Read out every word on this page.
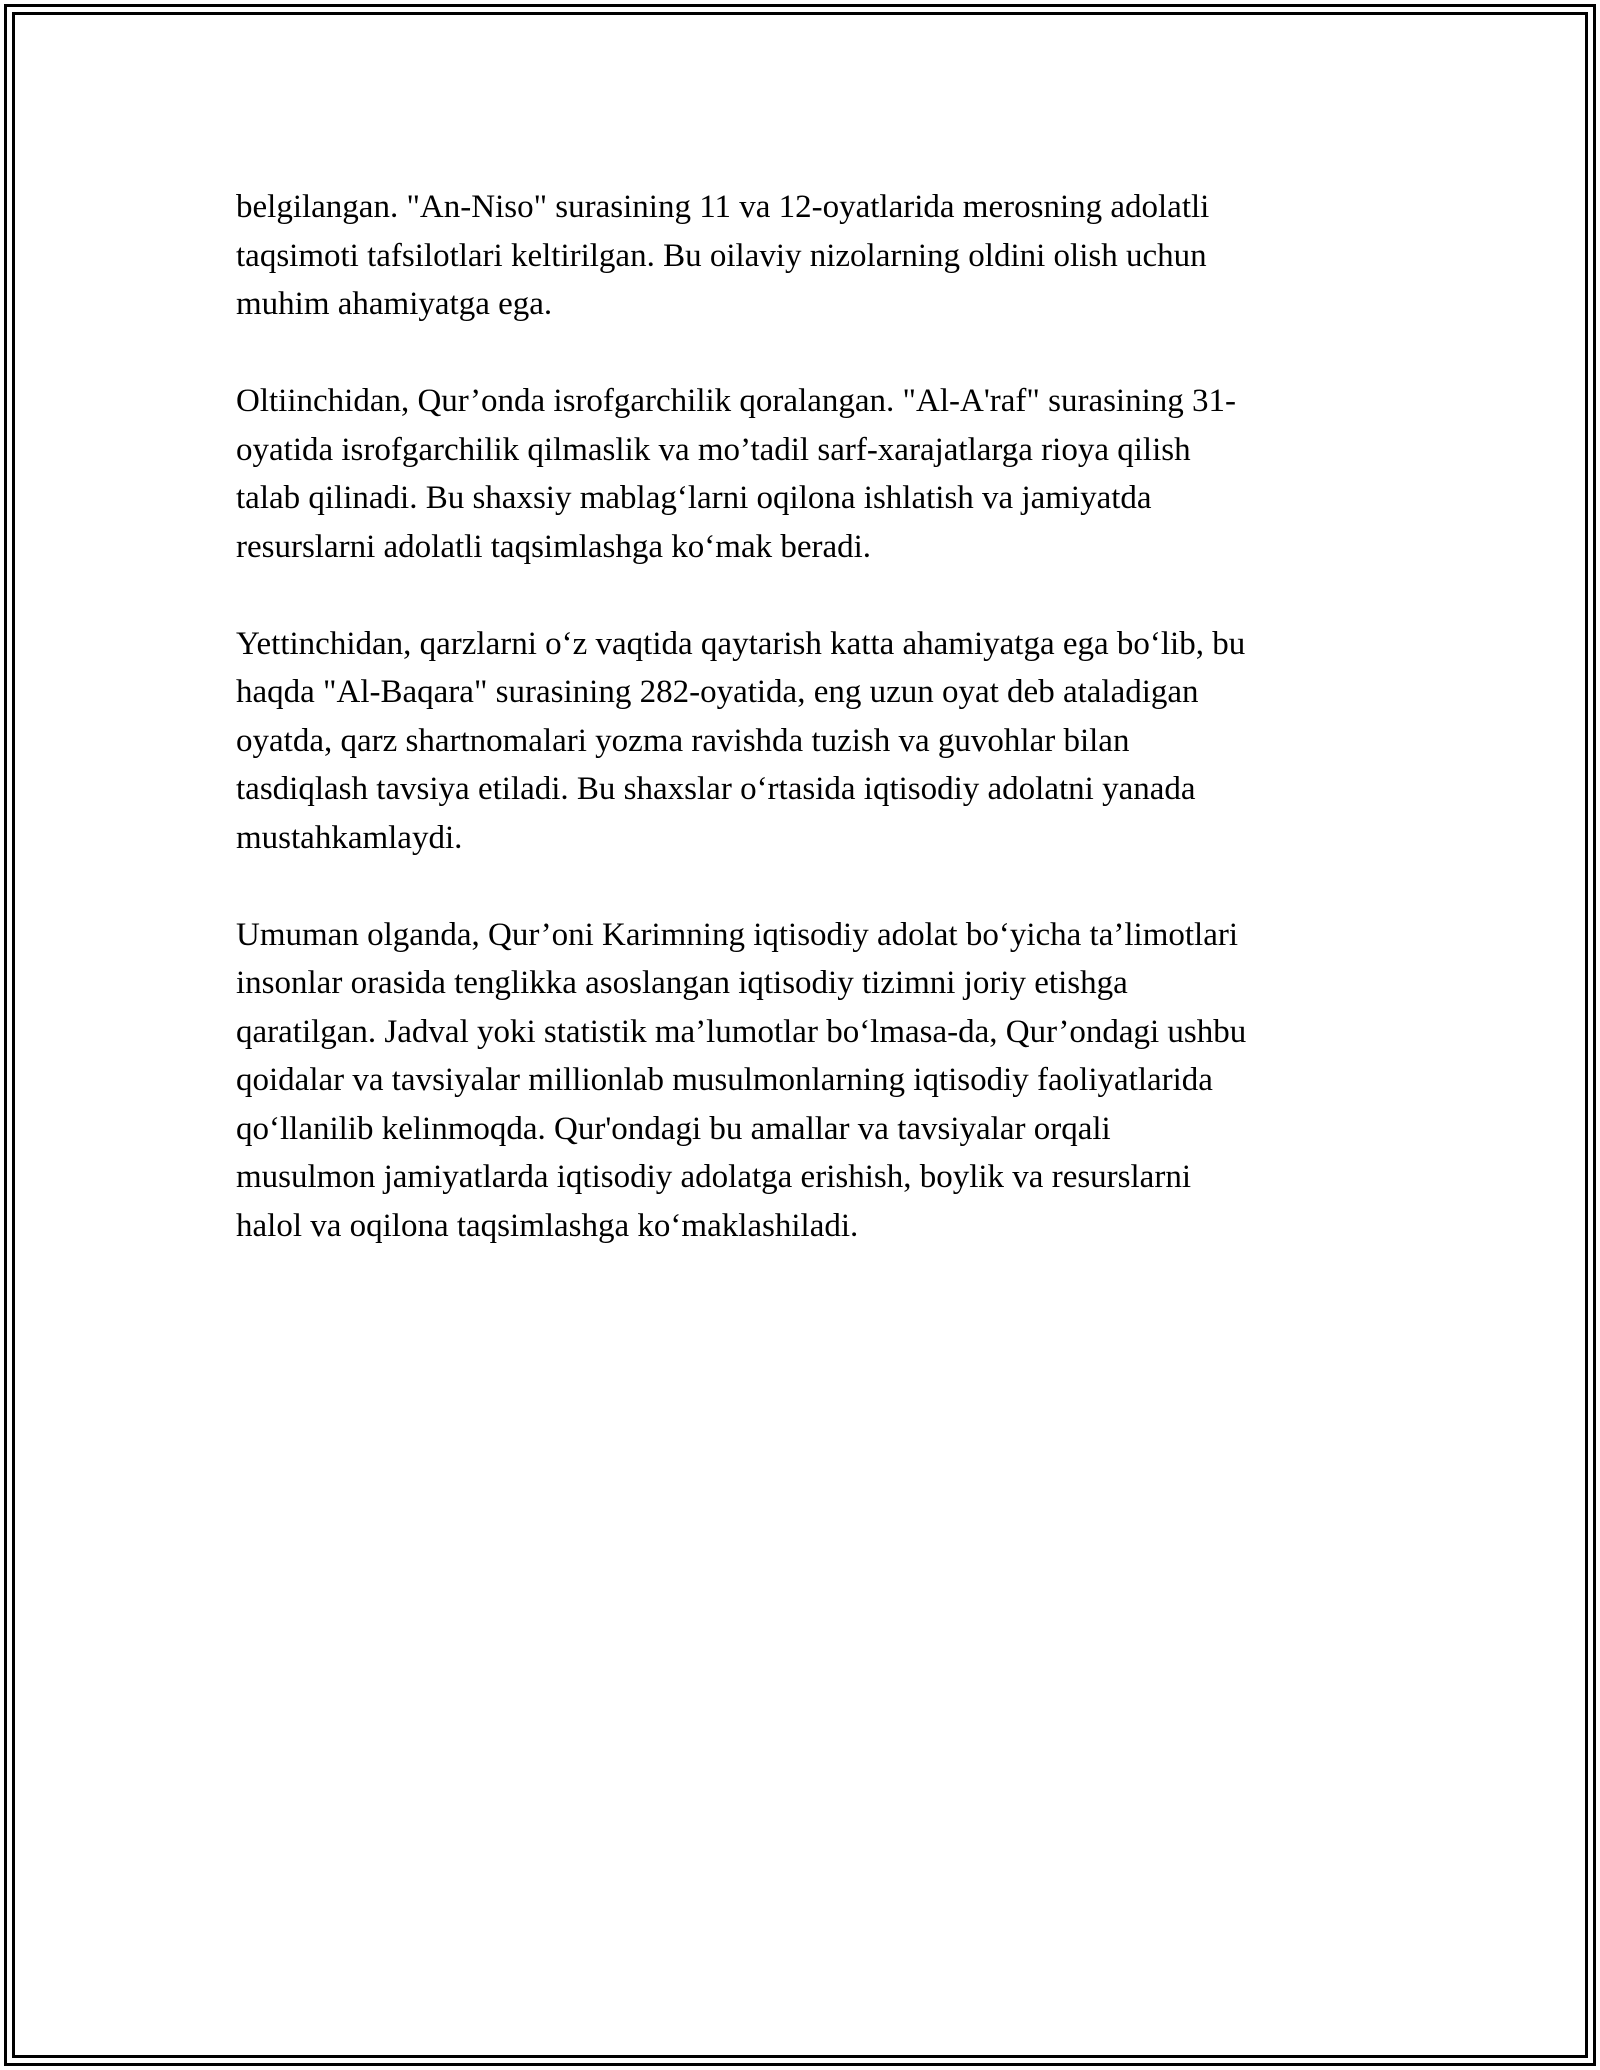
belgilangan. "An-Niso" surasining 11 va 12-oyatlarida merosning adolatli
taqsimoti tafsilotlari keltirilgan. Bu oilaviy nizolarning oldini olish uchun
muhim ahamiyatga ega.

Oltiinchidan, Qur’onda isrofgarchilik qoralangan. "Al-A'raf" surasining 31-
oyatida isrofgarchilik qilmaslik va mo’tadil sarf-xarajatlarga rioya qilish
talab qilinadi. Bu shaxsiy mablag‘larni oqilona ishlatish va jamiyatda
resurslarni adolatli taqsimlashga ko‘mak beradi.

Yettinchidan, qarzlarni o‘z vaqtida qaytarish katta ahamiyatga ega bo‘lib, bu
haqda "Al-Baqara" surasining 282-oyatida, eng uzun oyat deb ataladigan
oyatda, qarz shartnomalari yozma ravishda tuzish va guvohlar bilan
tasdiqlash tavsiya etiladi. Bu shaxslar o‘rtasida iqtisodiy adolatni yanada
mustahkamlaydi.

Umuman olganda, Qur’oni Karimning iqtisodiy adolat bo‘yicha ta’limotlari
insonlar orasida tenglikka asoslangan iqtisodiy tizimni joriy etishga
qaratilgan. Jadval yoki statistik ma’lumotlar bo‘lmasa-da, Qur’ondagi ushbu
qoidalar va tavsiyalar millionlab musulmonlarning iqtisodiy faoliyatlarida
qo‘llanilib kelinmoqda. Qur'ondagi bu amallar va tavsiyalar orqali
musulmon jamiyatlarda iqtisodiy adolatga erishish, boylik va resurslarni
halol va oqilona taqsimlashga ko‘maklashiladi.
